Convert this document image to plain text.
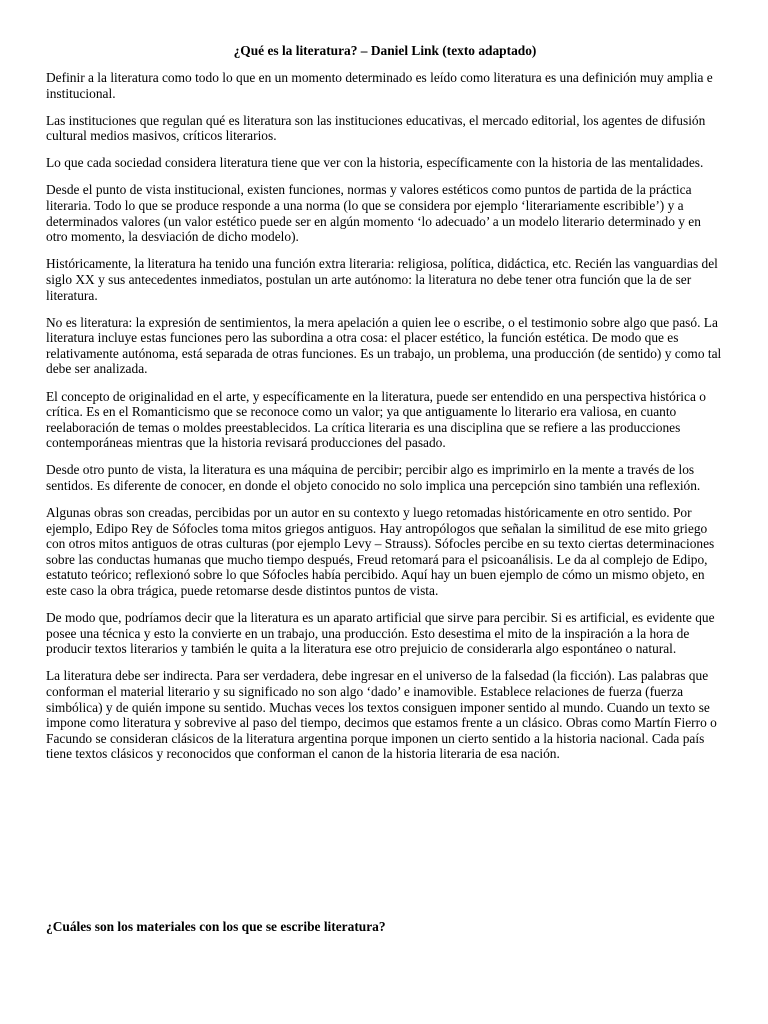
¿Qué es la literatura? – Daniel Link (texto adaptado)

Definir a la literatura como todo lo que en un momento determinado es leído como literatura es una definición muy amplia e institucional.

Las instituciones que regulan qué es literatura son las instituciones educativas, el mercado editorial, los agentes de difusión cultural medios masivos, críticos literarios.

Lo que cada sociedad considera literatura tiene que ver con la historia, específicamente con la historia de las mentalidades.

Desde el punto de vista institucional, existen funciones, normas y valores estéticos como puntos de partida de la práctica literaria. Todo lo que se produce responde a una norma (lo que se considera por ejemplo ‘literariamente escribible’) y a determinados valores (un valor estético puede ser en algún momento ‘lo adecuado’ a un modelo literario determinado y en otro momento, la desviación de dicho modelo).

Históricamente, la literatura ha tenido una función extra literaria: religiosa, política, didáctica, etc. Recién las vanguardias del siglo XX y sus antecedentes inmediatos, postulan un arte autónomo: la literatura no debe tener otra función que la de ser literatura.

No es literatura: la expresión de sentimientos, la mera apelación a quien lee o escribe, o el testimonio sobre algo que pasó. La literatura incluye estas funciones pero las subordina a otra cosa: el placer estético, la función estética. De modo que es relativamente autónoma, está separada de otras funciones. Es un trabajo, un problema, una producción (de sentido) y como tal debe ser analizada.

El concepto de originalidad en el arte, y específicamente en la literatura, puede ser entendido en una perspectiva histórica o crítica. Es en el Romanticismo que se reconoce como un valor; ya que antiguamente lo literario era valiosa, en cuanto reelaboración de temas o moldes preestablecidos. La crítica literaria es una disciplina que se refiere a las producciones contemporáneas mientras que la historia revisará producciones del pasado.

Desde otro punto de vista, la literatura es una máquina de percibir; percibir algo es imprimirlo en la mente a través de los sentidos. Es diferente de conocer, en donde el objeto conocido no solo implica una percepción sino también una reflexión.

Algunas obras son creadas, percibidas por un autor en su contexto y luego retomadas históricamente en otro sentido. Por ejemplo, Edipo Rey de Sófocles toma mitos griegos antiguos. Hay antropólogos que señalan la similitud de ese mito griego con otros mitos antiguos de otras culturas (por ejemplo Levy – Strauss). Sófocles percibe en su texto ciertas determinaciones sobre las conductas humanas que mucho tiempo después, Freud retomará para el psicoanálisis. Le da al complejo de Edipo, estatuto teórico; reflexionó sobre lo que Sófocles había percibido. Aquí hay un buen ejemplo de cómo un mismo objeto, en este caso la obra trágica, puede retomarse desde distintos puntos de vista.

De modo que, podríamos decir que la literatura es un aparato artificial que sirve para percibir. Si es artificial, es evidente que posee una técnica y esto la convierte en un trabajo, una producción. Esto desestima el mito de la inspiración a la hora de producir textos literarios y también le quita a la literatura ese otro prejuicio de considerarla algo espontáneo o natural.

La literatura debe ser indirecta. Para ser verdadera, debe ingresar en el universo de la falsedad (la ficción). Las palabras que conforman el material literario y su significado no son algo ‘dado’ e inamovible. Establece relaciones de fuerza (fuerza simbólica) y de quién impone su sentido. Muchas veces los textos consiguen imponer sentido al mundo. Cuando un texto se impone como literatura y sobrevive al paso del tiempo, decimos que estamos frente a un clásico. Obras como Martín Fierro o Facundo se consideran clásicos de la literatura argentina porque imponen un cierto sentido a la historia nacional. Cada país tiene textos clásicos y reconocidos que conforman el canon de la historia literaria de esa nación.

¿Cuáles son los materiales con los que se escribe literatura?
